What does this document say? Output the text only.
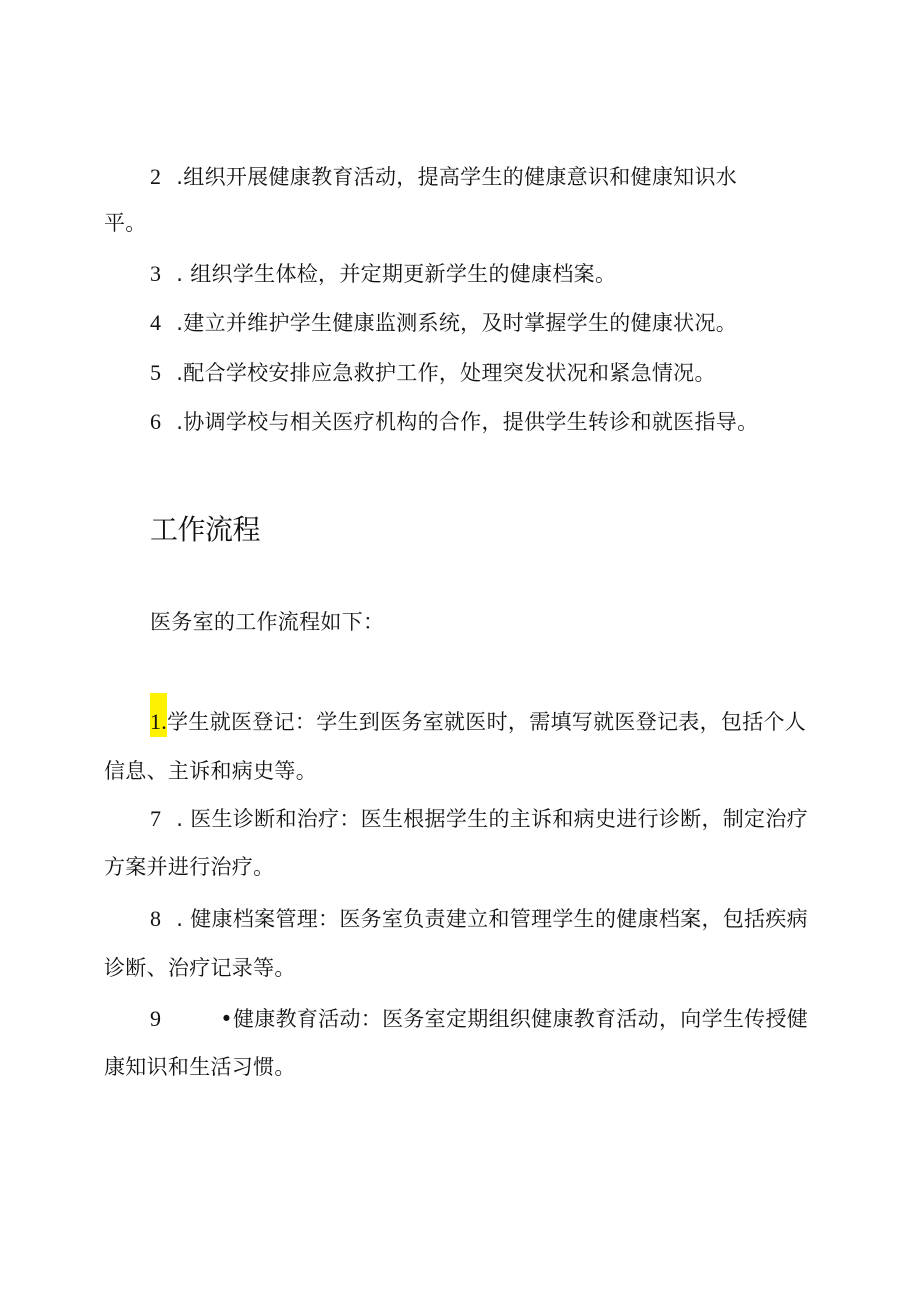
2 .组织开展健康教育活动，提高学生的健康意识和健康知识水
平。
3 . 组织学生体检，并定期更新学生的健康档案。
4 .建立并维护学生健康监测系统，及时掌握学生的健康状况。
5 .配合学校安排应急救护工作，处理突发状况和紧急情况。
6 .协调学校与相关医疗机构的合作，提供学生转诊和就医指导。
工作流程
医务室的工作流程如下：
1.学生就医登记：学生到医务室就医时，需填写就医登记表，包括个人
信息、主诉和病史等。
7 . 医生诊断和治疗：医生根据学生的主诉和病史进行诊断，制定治疗
方案并进行治疗。
8 . 健康档案管理：医务室负责建立和管理学生的健康档案，包括疾病
诊断、治疗记录等。
9	•健康教育活动：医务室定期组织健康教育活动，向学生传授健
康知识和生活习惯。
